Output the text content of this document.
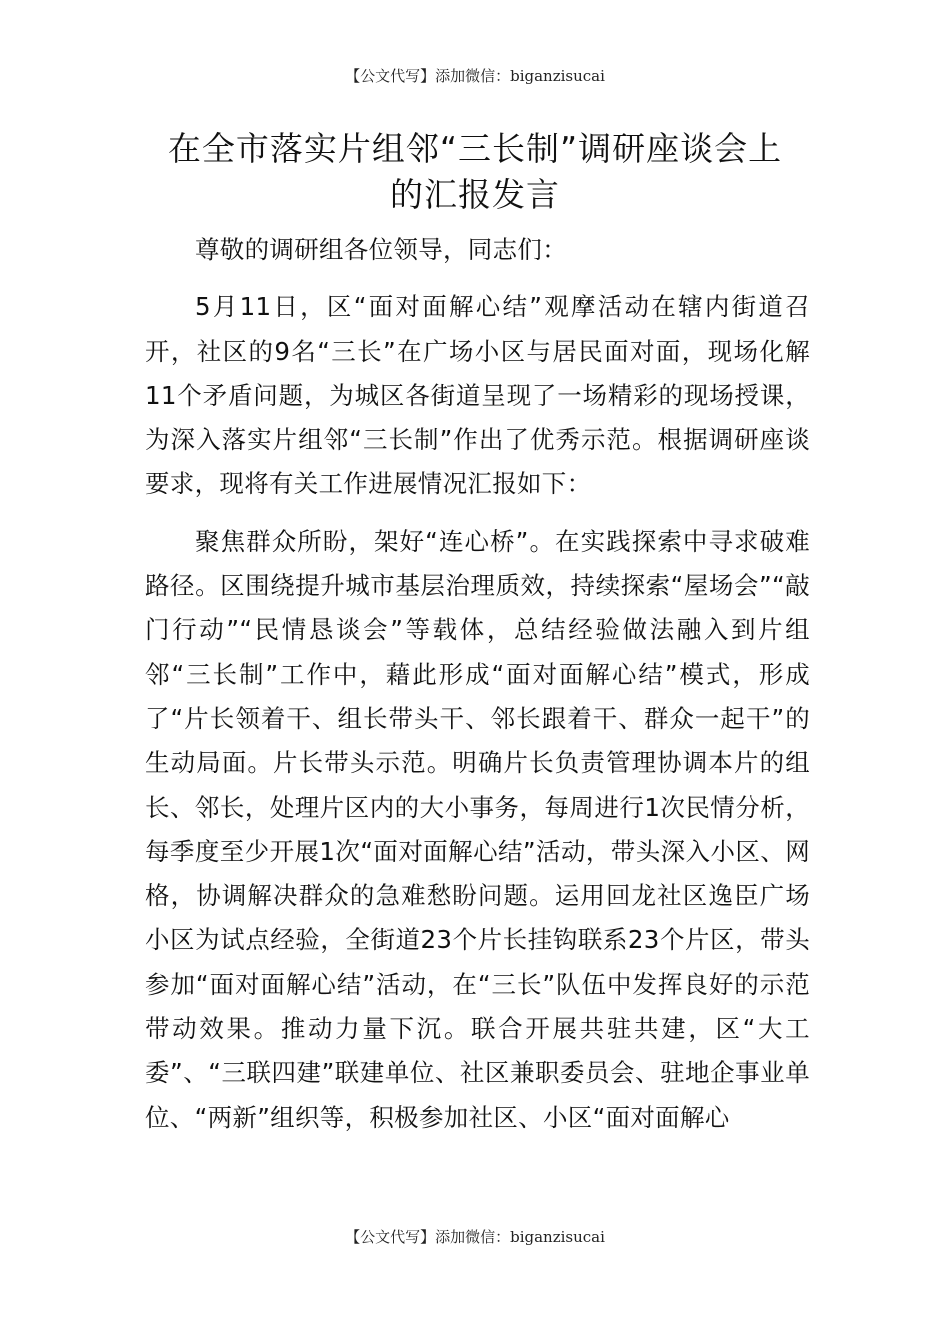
【公文代写】添加微信：biganzisucai
在全市落实片组邻“三长制”调研座谈会上
的汇报发言

尊敬的调研组各位领导，同志们：

5月11日，区“面对面解心结”观摩活动在辖内街道召开，社区的9名“三长”在广场小区与居民面对面，现场化解11个矛盾问题，为城区各街道呈现了一场精彩的现场授课，为深入落实片组邻“三长制”作出了优秀示范。根据调研座谈要求，现将有关工作进展情况汇报如下：

聚焦群众所盼，架好“连心桥”。在实践探索中寻求破难路径。区围绕提升城市基层治理质效，持续探索“屋场会”“敲门行动”“民情恳谈会”等载体，总结经验做法融入到片组邻“三长制”工作中，藉此形成“面对面解心结”模式，形成了“片长领着干、组长带头干、邻长跟着干、群众一起干”的生动局面。片长带头示范。明确片长负责管理协调本片的组长、邻长，处理片区内的大小事务，每周进行1次民情分析，每季度至少开展1次“面对面解心结”活动，带头深入小区、网格，协调解决群众的急难愁盼问题。运用回龙社区逸臣广场小区为试点经验，全街道23个片长挂钩联系23个片区，带头参加“面对面解心结”活动，在“三长”队伍中发挥良好的示范带动效果。推动力量下沉。联合开展共驻共建，区“大工委”、“三联四建”联建单位、社区兼职委员会、驻地企事业单位、“两新”组织等，积极参加社区、小区“面对面解心

【公文代写】添加微信：biganzisucai
